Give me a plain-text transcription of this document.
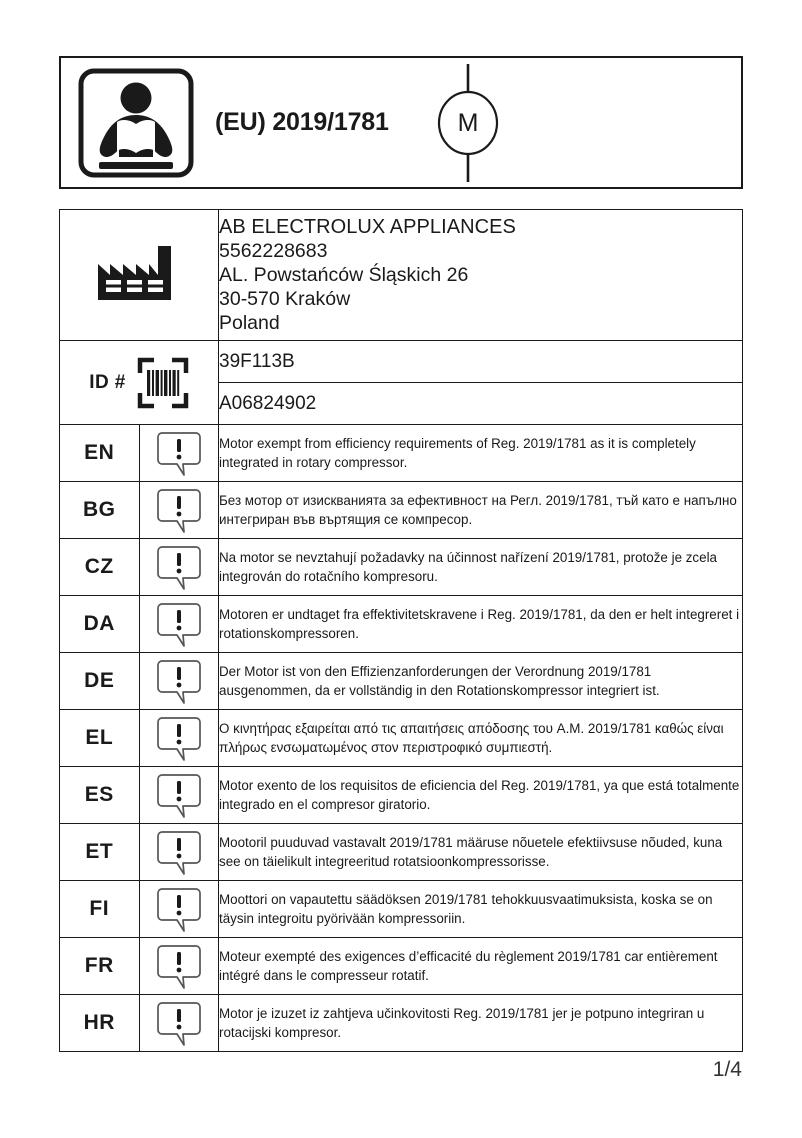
(EU) 2019/1781	M

AB ELECTROLUX APPLIANCES
5562228683
AL. Powstańców Śląskich 26
30-570 Kraków
Poland

ID #		39F113B
		A06824902
EN		Motor exempt from efficiency requirements of Reg. 2019/1781 as it is completely integrated in rotary compressor.
BG		Без мотор от изискванията за ефективност на Регл. 2019/1781, тъй като е напълно интегриран във въртящия се компресор.
CZ		Na motor se nevztahují požadavky na účinnost nařízení 2019/1781, protože je zcela integrován do rotačního kompresoru.
DA		Motoren er undtaget fra effektivitetskravene i Reg. 2019/1781, da den er helt integreret i rotationskompressoren.
DE		Der Motor ist von den Effizienzanforderungen der Verordnung 2019/1781 ausgenommen, da er vollständig in den Rotationskompressor integriert ist.
EL		Ο κινητήρας εξαιρείται από τις απαιτήσεις απόδοσης του A.M. 2019/1781 καθώς είναι πλήρως ενσωματωμένος στον περιστροφικό συμπιεστή.
ES		Motor exento de los requisitos de eficiencia del Reg. 2019/1781, ya que está totalmente integrado en el compresor giratorio.
ET		Mootoril puuduvad vastavalt 2019/1781 määruse nõuetele efektiivsuse nõuded, kuna see on täielikult integreeritud rotatsioonkompressorisse.
FI		Moottori on vapautettu säädöksen 2019/1781 tehokkuusvaatimuksista, koska se on täysin integroitu pyörivään kompressoriin.
FR		Moteur exempté des exigences d’efficacité du règlement 2019/1781 car entièrement intégré dans le compresseur rotatif.
HR		Motor je izuzet iz zahtjeva učinkovitosti Reg. 2019/1781 jer je potpuno integriran u rotacijski kompresor.
1/4
